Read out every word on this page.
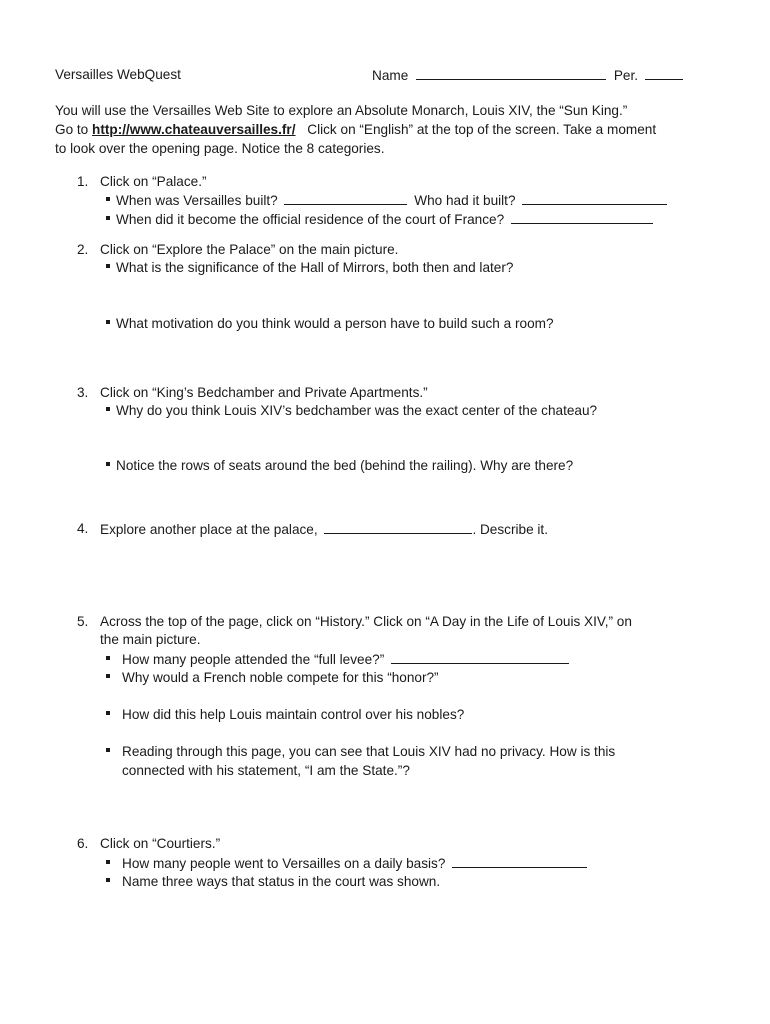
Versailles WebQuest	Name	Per.
You will use the Versailles Web Site to explore an Absolute Monarch, Louis XIV, the “Sun King.”
Go to http://www.chateauversailles.fr/ Click on “English” at the top of the screen. Take a moment
to look over the opening page. Notice the 8 categories.
1. Click on “Palace.”
When was Versailles built?	Who had it built?
When did it become the official residence of the court of France?
2. Click on “Explore the Palace” on the main picture.
What is the significance of the Hall of Mirrors, both then and later?
What motivation do you think would a person have to build such a room?
3. Click on “King’s Bedchamber and Private Apartments.”
Why do you think Louis XIV’s bedchamber was the exact center of the chateau?
Notice the rows of seats around the bed (behind the railing). Why are there?
4. Explore another place at the palace,	. Describe it.
5. Across the top of the page, click on “History.” Click on “A Day in the Life of Louis XIV,” on
the main picture.
How many people attended the “full levee?”
Why would a French noble compete for this “honor?”
How did this help Louis maintain control over his nobles?
Reading through this page, you can see that Louis XIV had no privacy. How is this
connected with his statement, “I am the State.”?
6. Click on “Courtiers.”
How many people went to Versailles on a daily basis?
Name three ways that status in the court was shown.
